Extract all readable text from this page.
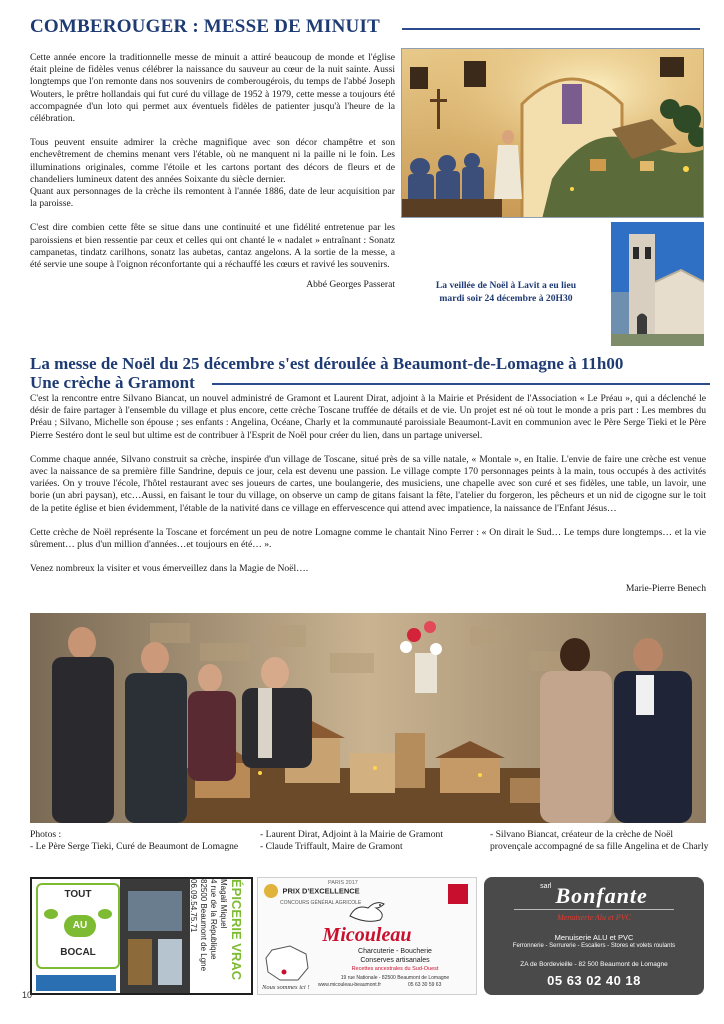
COMBEROUGER : MESSE DE MINUIT

Cette année encore la traditionnelle messe de minuit a attiré beaucoup de monde et l'église était pleine de fidèles venus célébrer la naissance du sauveur au cœur de la nuit sainte. Aussi longtemps que l'on remonte dans nos souvenirs de comberougérois, du temps de l'abbé Joseph Wouters, le prêtre hollandais qui fut curé du village de 1952 à 1979, cette messe a toujours été accompagnée d'un loto qui permet aux éventuels fidèles de patienter jusqu'à l'heure de la célébration.

Tous peuvent ensuite admirer la crèche magnifique avec son décor champêtre et son enchevêtrement de chemins menant vers l'étable, où ne manquent ni la paille ni le foin. Les illuminations originales, comme l'étoile et les cartons portant des décors de fleurs et de chandeliers lumineux datent des années Soixante du siècle dernier.

Quant aux personnages de la crèche ils remontent à l'année 1886, date de leur acquisition par la paroisse.

C'est dire combien cette fête se situe dans une continuité et une fidélité entretenue par les paroissiens et bien ressentie par ceux et celles qui ont chanté le « nadalet » entraînant : Sonatz campanetas, tindatz carilhons, sonatz las aubetas, cantaz angelons. A la sortie de la messe, a été servie une soupe à l'oignon réconfortante qui a réchauffé les cœurs et ravivé les souvenirs.

Abbé Georges Passerat	La veillée de Noël à Lavit a eu lieu
mardi soir 24 décembre à 20H30
La messe de Noël du 25 décembre s'est déroulée à Beaumont-de-Lomagne à 11h00
Une crèche à Gramont

C'est la rencontre entre Silvano Biancat, un nouvel administré de Gramont et Laurent Dirat, adjoint à la Mairie et Président de l'Association « Le Préau », qui a déclenché le désir de faire partager à l'ensemble du village et plus encore, cette crèche Toscane truffée de détails et de vie. Un projet est né où tout le monde a pris part : Les membres du Préau ; Silvano, Michelle son épouse ; ses enfants : Angelina, Océane, Charly et la communauté paroissiale Beaumont-Lavit en communion avec le Père Serge Tieki et le Père Pierre Sestéro dont le seul but ultime est de contribuer à l'Esprit de Noël pour créer du lien, dans un partage universel.

Comme chaque année, Silvano construit sa crèche, inspirée d'un village de Toscane, situé près de sa ville natale, « Montale », en Italie. L'envie de faire une crèche est venue avec la naissance de sa première fille Sandrine, depuis ce jour, cela est devenu une passion. Le village compte 170 personnages peints à la main, tous occupés à des activités variées. On y trouve l'école, l'hôtel restaurant avec ses joueurs de cartes, une boulangerie, des musiciens, une chapelle avec son curé et ses fidèles, une table, un lavoir, une borie (un abri paysan), etc…Aussi, en faisant le tour du village, on observe un camp de gitans faisant la fête, l'atelier du forgeron, les pêcheurs et un nid de cigogne sur le toit de la petite église et bien évidemment, l'étable de la nativité dans ce village en effervescence qui attend avec impatience, la naissance de l'Enfant Jésus…

Cette crèche de Noël représente la Toscane et forcément un peu de notre Lomagne comme le chantait Nino Ferrer : « On dirait le Sud… Le temps dure longtemps… et la vie sûrement… plus d'un million d'années…et toujours en été… ».

Venez nombreux la visiter et vous émerveillez dans la Magie de Noël….

Marie-Pierre Benech
Photos :
- Le Père Serge Tieki, Curé de Beaumont de Lomagne
- Laurent Dirat, Adjoint à la Mairie de Gramont
- Claude Triffault, Maire de Gramont
- Silvano Biancat, créateur de la crèche de Noël provençale accompagné de sa fille Angelina et de Charly
TOUT
AU
BOCAL	ÉPICERIE VRAC
Magali Miquel
4 rue de la République
82500 Beaumont de Lgne
06.09.54.75.71	PRIX D'EXCELLENCE
CONCOURS GÉNÉRAL AGRICOLE
PARIS 2017
Micouleau
Charcuterie - Boucherie
Conserves artisanales
Recettes ancestrales du Sud-Ouest
19 rue Nationale - 82500 Beaumont de Lomagne
www.micouleau-beaumont.fr	05 63 30 59 63
Nous sommes ici !
$^{sarl}$ Bonfante
Menuiserie Alu et PVC
Menuiserie ALU et PVC
Ferronnerie - Serrurerie - Escaliers - Stores et volets roulants
ZA de Bordevieille - 82 500 Beaumont de Lomagne
05 63 02 40 18
10
